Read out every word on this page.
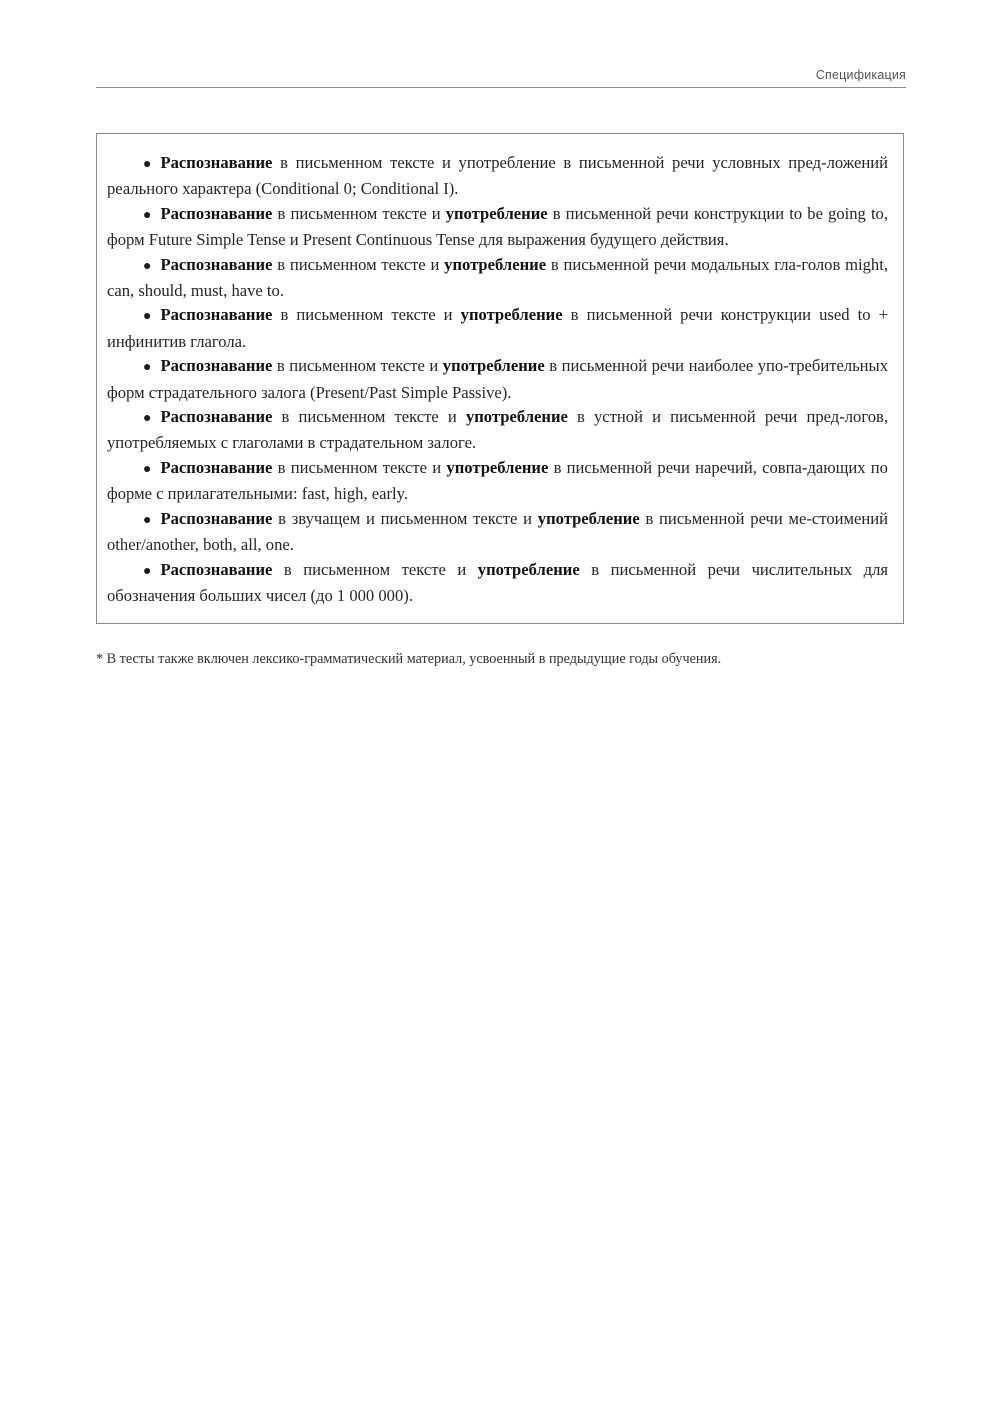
Спецификация

● Распознавание в письменном тексте и употребление в письменной речи условных пред-ложений реального характера (Conditional 0; Conditional I).

● Распознавание в письменном тексте и употребление в письменной речи конструкции to be going to, форм Future Simple Tense и Present Continuous Tense для выражения будущего действия.

● Распознавание в письменном тексте и употребление в письменной речи модальных гла-голов might, can, should, must, have to.

● Распознавание в письменном тексте и употребление в письменной речи конструкции used to + инфинитив глагола.

● Распознавание в письменном тексте и употребление в письменной речи наиболее упо-требительных форм страдательного залога (Present/Past Simple Passive).

● Распознавание в письменном тексте и употребление в устной и письменной речи пред-логов, употребляемых с глаголами в страдательном залоге.

● Распознавание в письменном тексте и употребление в письменной речи наречий, совпа-дающих по форме с прилагательными: fast, high, early.

● Распознавание в звучащем и письменном тексте и употребление в письменной речи ме-стоимений other/another, both, all, one.

● Распознавание в письменном тексте и употребление в письменной речи числительных для обозначения больших чисел (до 1 000 000).

* В тесты также включен лексико-грамматический материал, усвоенный в предыдущие годы обучения.
